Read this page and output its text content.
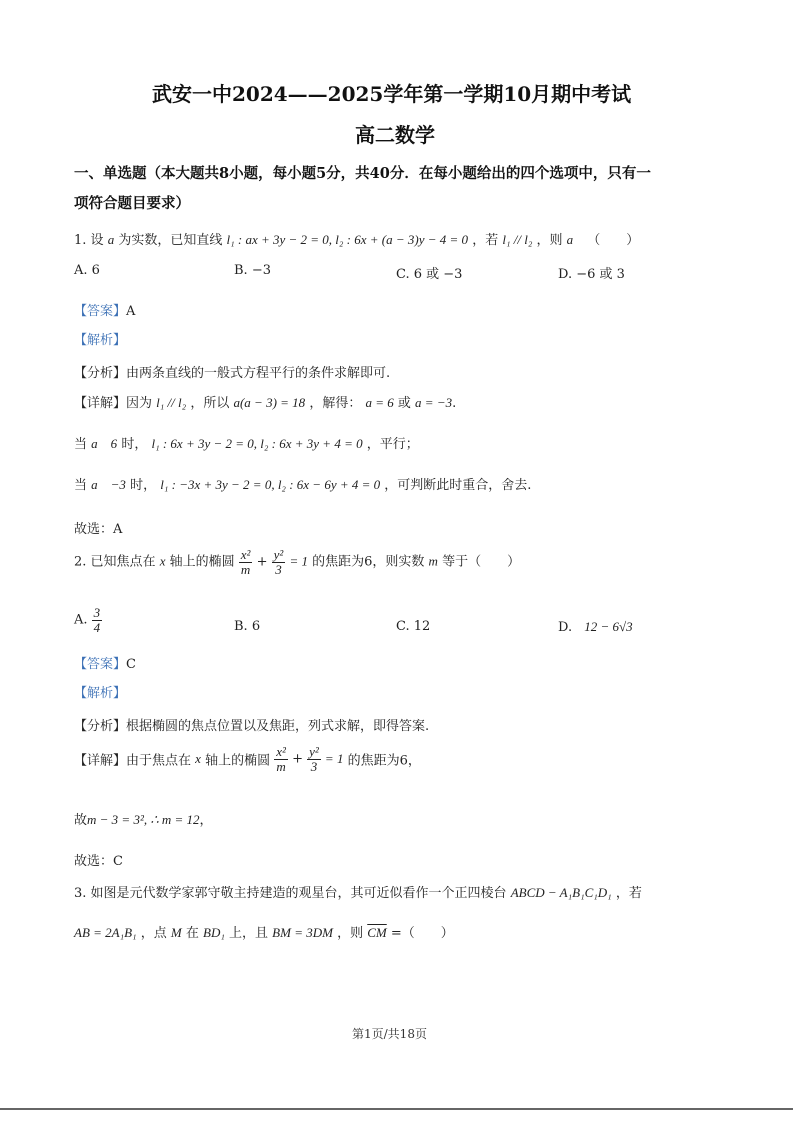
武安一中2024——2025学年第一学期10月期中考试
高二数学
一、单选题（本大题共8小题，每小题5分，共40分．在每小题给出的四个选项中，只有一
项符合题目要求）
1. 设 a 为实数，已知直线 l₁ : ax + 3y − 2 = 0, l₂ : 6x + (a − 3)y − 4 = 0 ，若 l₁ // l₂ ，则 a （　　）
A. 6	B. −3	C. 6 或 −3	D. −6 或 3
【答案】A
【解析】
【分析】由两条直线的一般式方程平行的条件求解即可.
【详解】因为 l₁ // l₂ ，所以 a(a − 3) = 18 ，解得： a = 6 或 a = −3.
当 a　6 时， l₁ : 6x + 3y − 2 = 0, l₂ : 6x + 3y + 4 = 0 ，平行；
当 a　−3 时， l₁ : −3x + 3y − 2 = 0, l₂ : 6x − 6y + 4 = 0 ，可判断此时重合，舍去.
故选：A
2. 已知焦点在 x 轴上的椭圆 $\frac{\text{x²}}{m} + \frac{\text{y²}}{3} = 1$ 的焦距为6，则实数 m 等于（　　）
A. $\frac{3}{4}$	B. 6	C. 12	D. 12 − 6√3
【答案】C
【解析】
【分析】根据椭圆的焦点位置以及焦距，列式求解，即得答案.
【详解】由于焦点在 x 轴上的椭圆 $\frac{\text{x²}}{m} + \frac{\text{y²}}{3} = 1$ 的焦距为6，
故m − 3 = 3², ∴ m = 12，
故选：C
3. 如图是元代数学家郭守敬主持建造的观星台，其可近似看作一个正四棱台 ABCD − A₁B₁C₁D₁ ，若
AB = 2A₁B₁ ，点 M 在 BD₁ 上，且 BM = 3DM ，则 $\overline{CM}$ =（　　）
第1页/共18页
